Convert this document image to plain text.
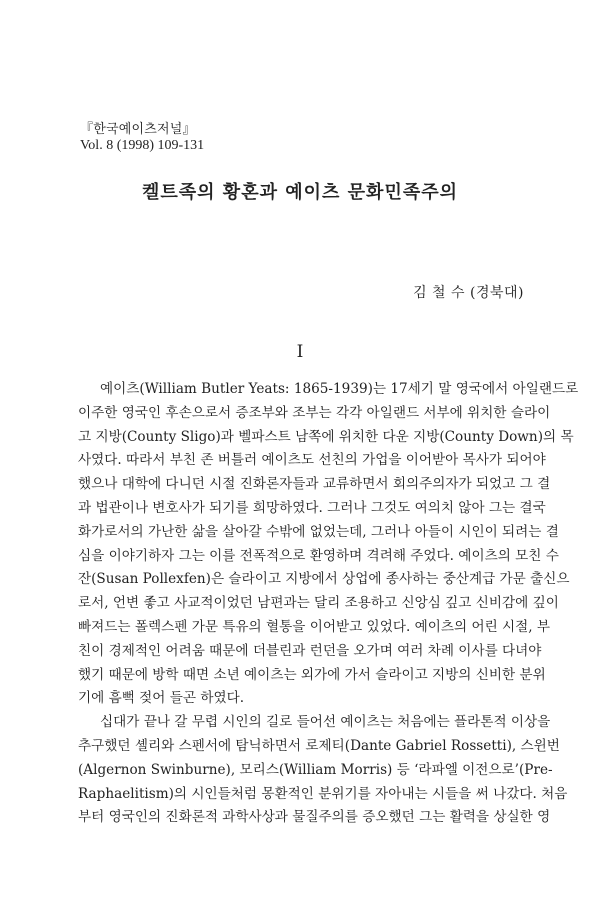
『한국예이츠저널』
Vol. 8 (1998) 109-131
켈트족의 황혼과 예이츠 문화민족주의
김 철 수 (경북대)
I
예이츠(William Butler Yeats: 1865-1939)는 17세기 말 영국에서 아일랜드로
이주한 영국인 후손으로서 증조부와 조부는 각각 아일랜드 서부에 위치한 슬라이
고 지방(County Sligo)과 벨파스트 남쪽에 위치한 다운 지방(County Down)의 목
사였다. 따라서 부친 존 버틀러 예이츠도 선친의 가업을 이어받아 목사가 되어야
했으나 대학에 다니던 시절 진화론자들과 교류하면서 회의주의자가 되었고 그 결
과 법관이나 변호사가 되기를 희망하였다. 그러나 그것도 여의치 않아 그는 결국
화가로서의 가난한 삶을 살아갈 수밖에 없었는데, 그러나 아들이 시인이 되려는 결
심을 이야기하자 그는 이를 전폭적으로 환영하며 격려해 주었다. 예이츠의 모친 수
잔(Susan Pollexfen)은 슬라이고 지방에서 상업에 종사하는 중산계급 가문 출신으
로서, 언변 좋고 사교적이었던 남편과는 달리 조용하고 신앙심 깊고 신비감에 깊이
빠져드는 폴렉스펜 가문 특유의 혈통을 이어받고 있었다. 예이츠의 어린 시절, 부
친이 경제적인 어려움 때문에 더블린과 런던을 오가며 여러 차례 이사를 다녀야
했기 때문에 방학 때면 소년 예이츠는 외가에 가서 슬라이고 지방의 신비한 분위
기에 흠뻑 젖어 들곤 하였다.
십대가 끝나 갈 무렵 시인의 길로 들어선 예이츠는 처음에는 플라톤적 이상을
추구했던 셸리와 스펜서에 탐닉하면서 로제티(Dante Gabriel Rossetti), 스윈번
(Algernon Swinburne), 모리스(William Morris) 등 ‘라파엘 이전으로’(Pre-
Raphaelitism)의 시인들처럼 몽환적인 분위기를 자아내는 시들을 써 나갔다. 처음
부터 영국인의 진화론적 과학사상과 물질주의를 증오했던 그는 활력을 상실한 영
